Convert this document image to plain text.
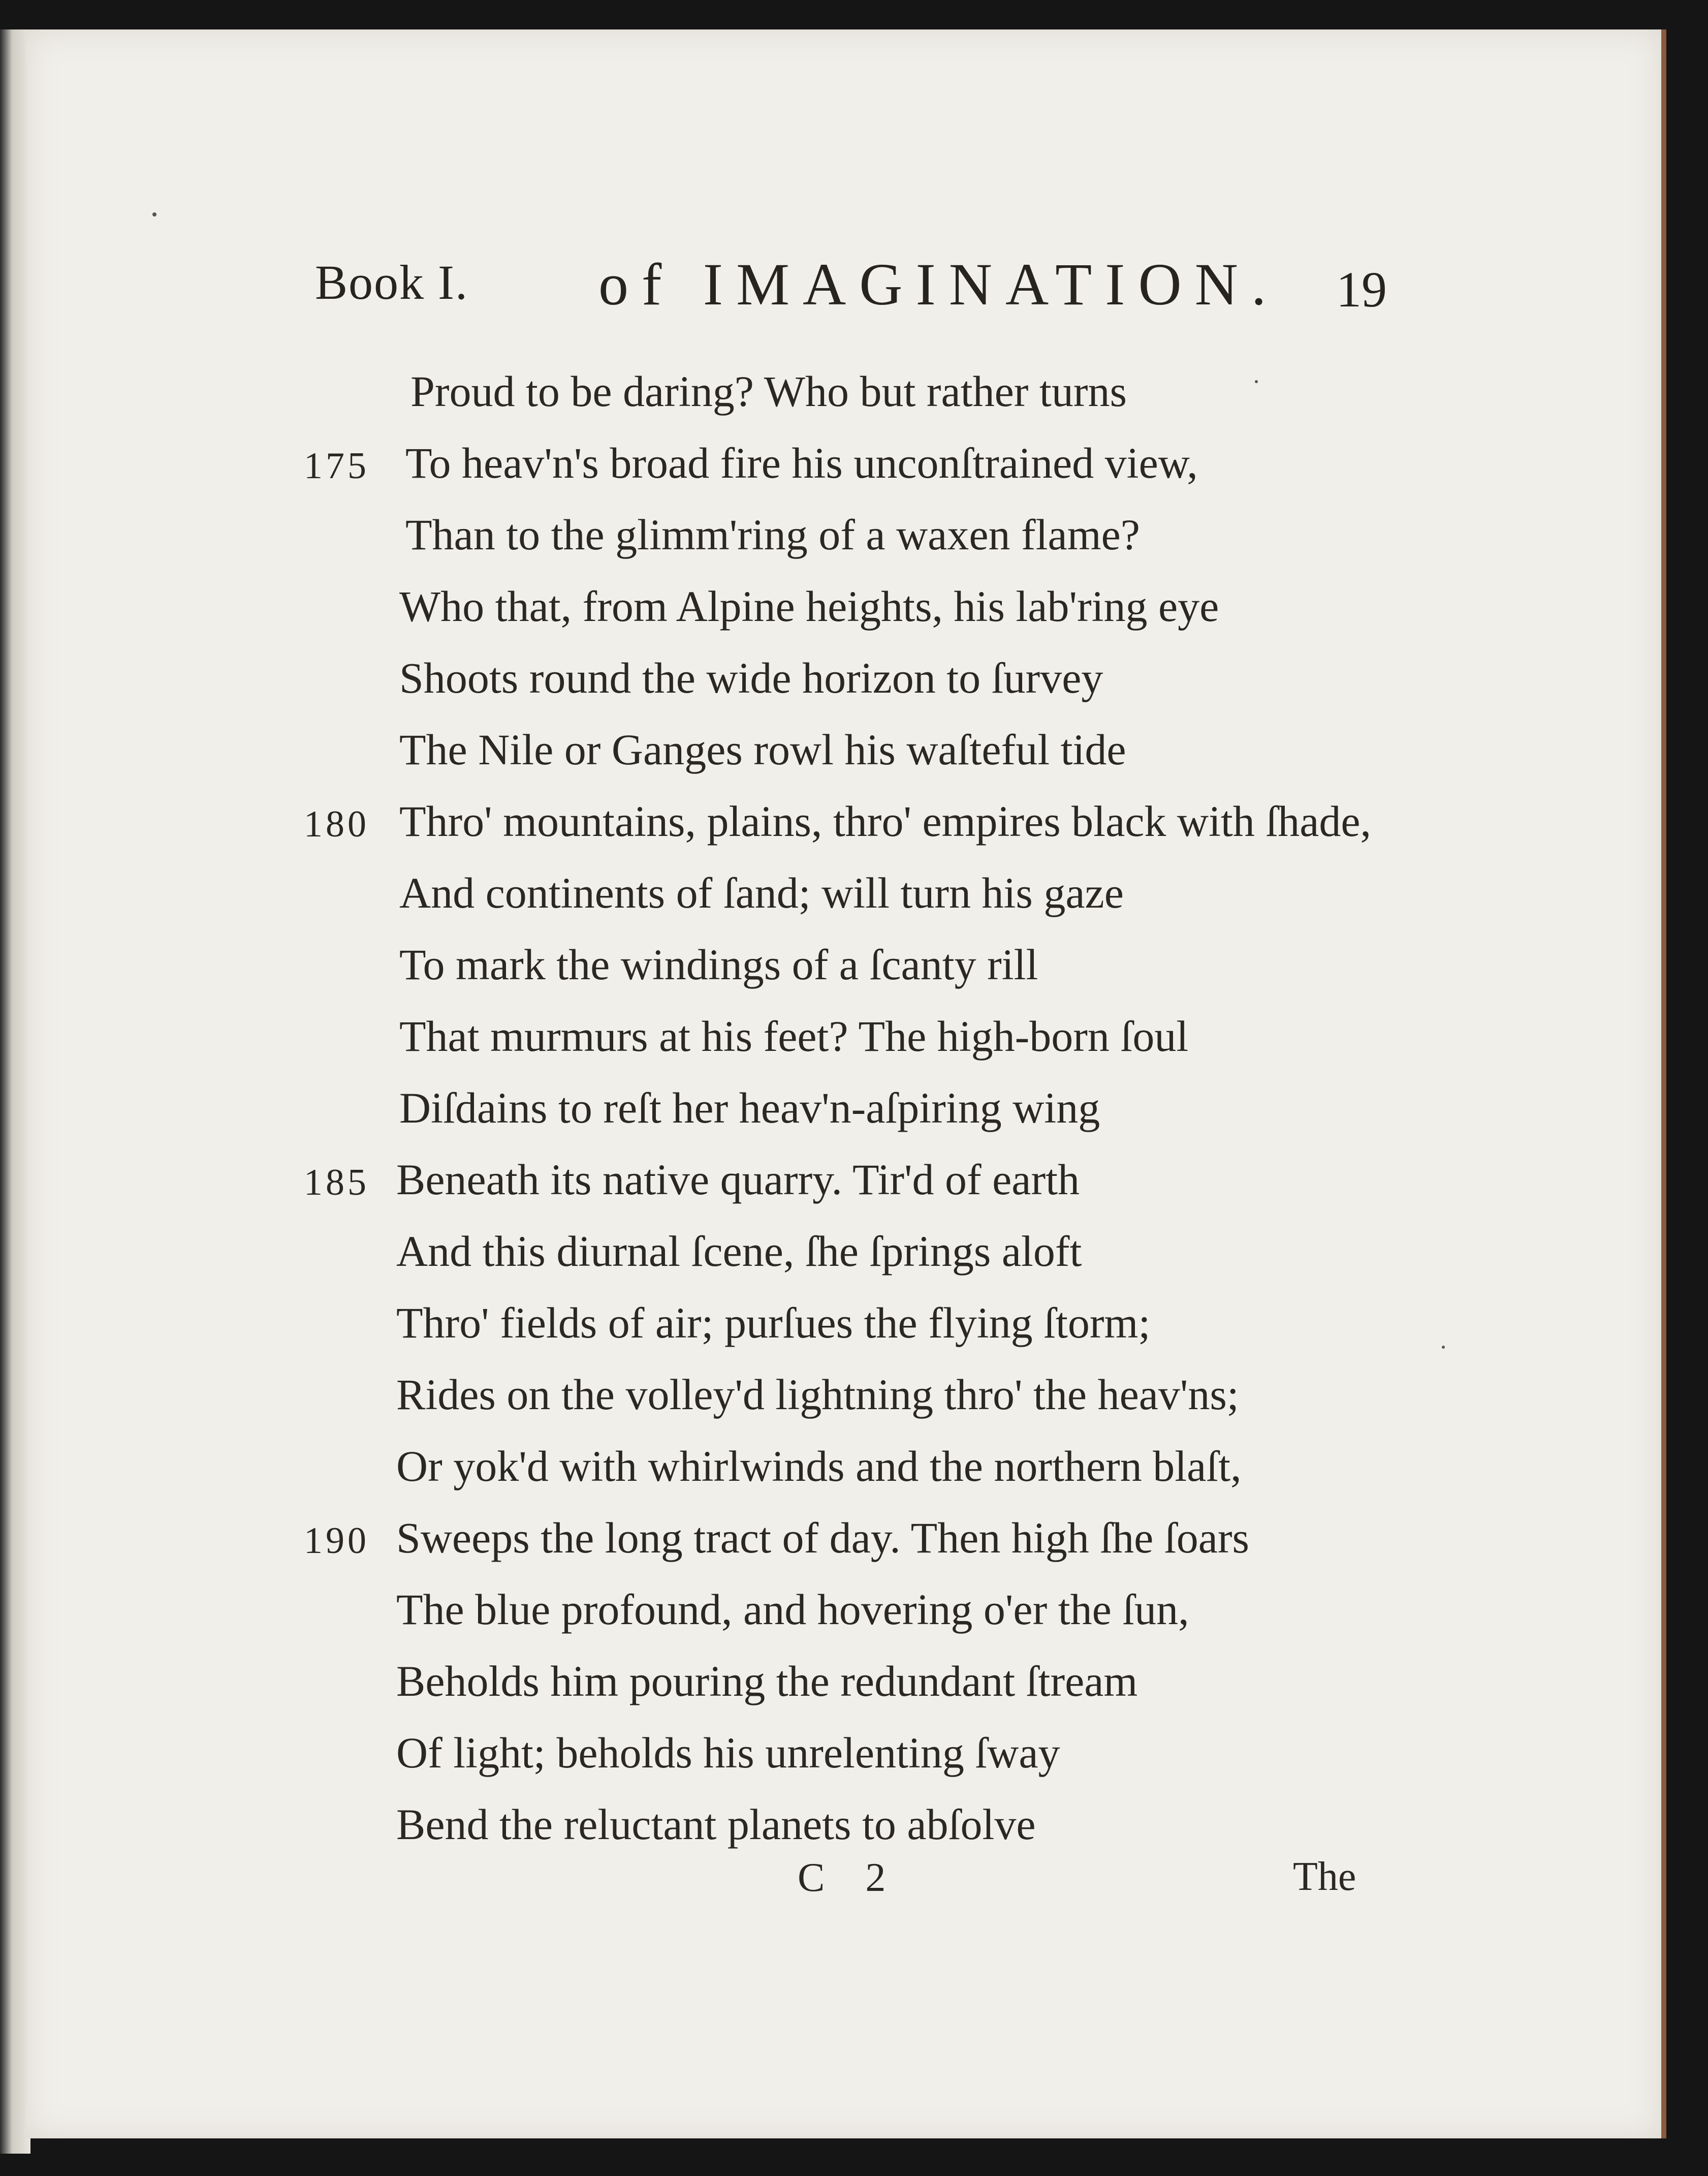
Book I. of IMAGINATION. 19
Proud to be daring? Who but rather turns
To heav'n's broad fire his unconſtrained view,
175
Than to the glimm'ring of a waxen flame?
Who that, from Alpine heights, his lab'ring eye
Shoots round the wide horizon to ſurvey
The Nile or Ganges rowl his waſteful tide
Thro' mountains, plains, thro' empires black with ſhade,
180
And continents of ſand; will turn his gaze
To mark the windings of a ſcanty rill
That murmurs at his feet? The high-born ſoul
Diſdains to reſt her heav'n-aſpiring wing
Beneath its native quarry. Tir'd of earth
185
And this diurnal ſcene, ſhe ſprings aloft
Thro' fields of air; purſues the flying ſtorm;
Rides on the volley'd lightning thro' the heav'ns;
Or yok'd with whirlwinds and the northern blaſt,
Sweeps the long tract of day. Then high ſhe ſoars
190
The blue profound, and hovering o'er the ſun,
Beholds him pouring the redundant ſtream
Of light; beholds his unrelenting ſway
Bend the reluctant planets to abſolve
C 2	The
